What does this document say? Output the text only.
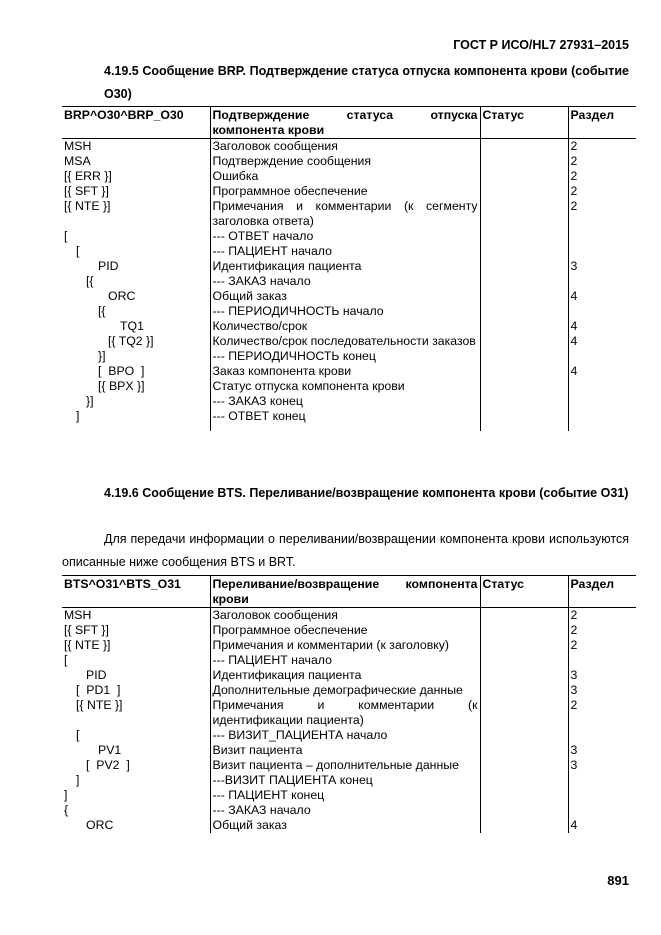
ГОСТ Р ИСО/HL7 27931–2015
4.19.5 Сообщение BRP. Подтверждение статуса отпуска компонента крови (событие O30)
BRP^O30^BRP_O30	Подтверждение статуса отпуска компонента крови	Статус	Раздел
MSH	Заголовок сообщения		2
MSA	Подтверждение сообщения		2
[{ ERR }]	Ошибка		2
[{ SFT }]	Программное обеспечение		2
[{ NTE }]	Примечания и комментарии (к сегменту заголовка ответа)		2
[	--- ОТВЕТ начало		
[	--- ПАЦИЕНТ начало		
PID	Идентификация пациента		3
[{	--- ЗАКАЗ начало		
ORC	Общий заказ		4
[{	--- ПЕРИОДИЧНОСТЬ начало		
TQ1	Количество/срок		4
[{ TQ2 }]	Количество/срок последовательности заказов		4
}]	--- ПЕРИОДИЧНОСТЬ конец		
[  BPO  ]	Заказ компонента крови		4
[{ BPX }]	Статус отпуска компонента крови		
}]	--- ЗАКАЗ конец		
]	--- ОТВЕТ конец		
4.19.6 Сообщение BTS. Переливание/возвращение компонента крови (событие O31)
Для передачи информации о переливании/возвращении компонента крови используются описанные ниже сообщения BTS и BRT.
BTS^O31^BTS_O31	Переливание/возвращение компонента крови	Статус	Раздел
MSH	Заголовок сообщения		2
[{ SFT }]	Программное обеспечение		2
[{ NTE }]	Примечания и комментарии (к заголовку)		2
[	--- ПАЦИЕНТ начало		
PID	Идентификация пациента		3
[  PD1  ]	Дополнительные демографические данные		3
[{ NTE }]	Примечания и комментарии (к идентификации пациента)		2
[	--- ВИЗИТ_ПАЦИЕНТА начало		
PV1	Визит пациента		3
[  PV2  ]	Визит пациента – дополнительные данные		3
]	---ВИЗИТ ПАЦИЕНТА конец		
]	--- ПАЦИЕНТ конец		
{	--- ЗАКАЗ начало		
ORC	Общий заказ		4
891
